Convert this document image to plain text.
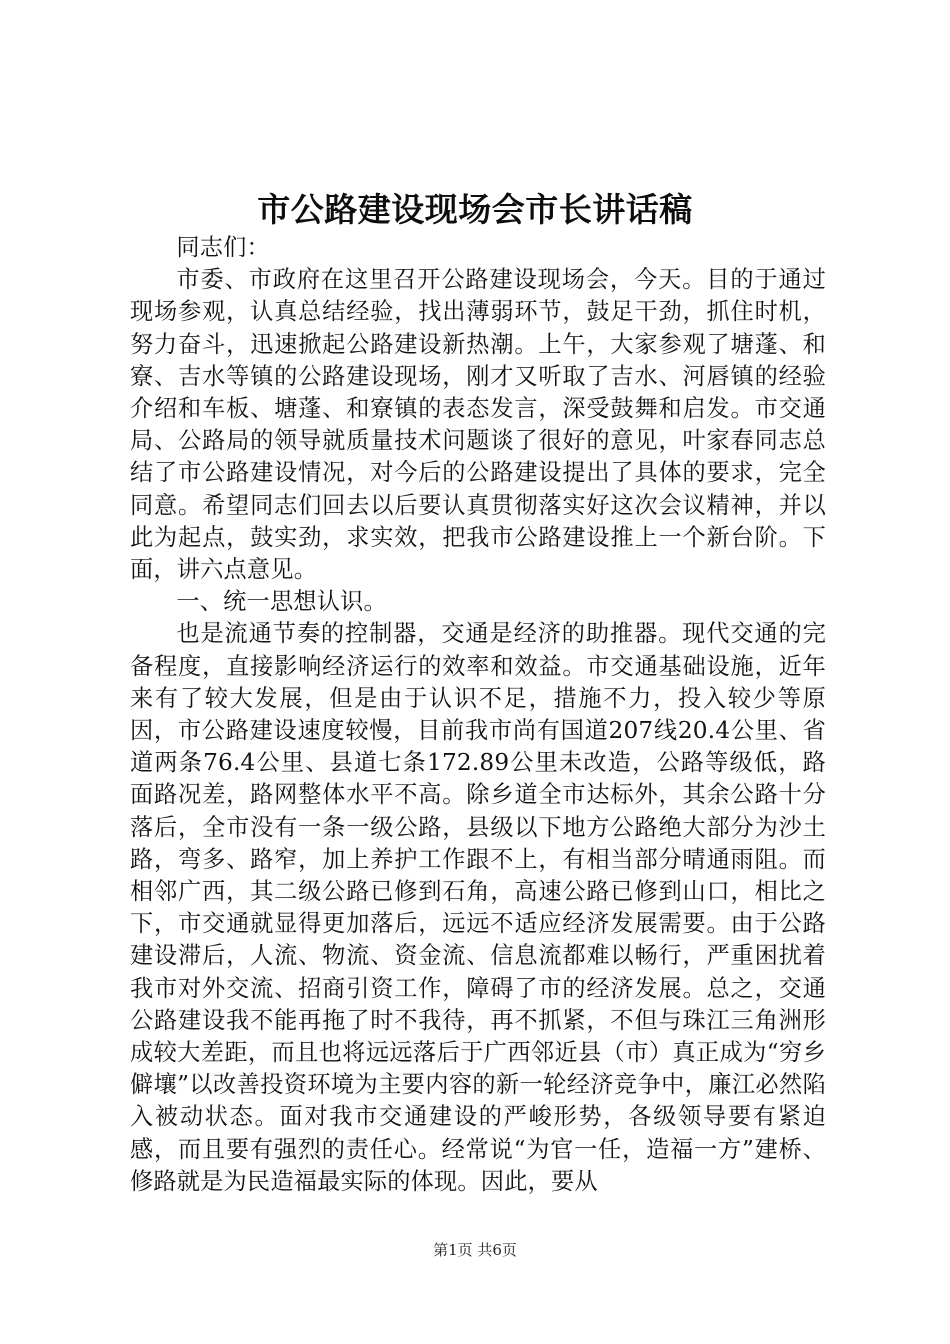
市公路建设现场会市长讲话稿

同志们：

市委、市政府在这里召开公路建设现场会，今天。目的于通过现场参观，认真总结经验，找出薄弱环节，鼓足干劲，抓住时机，努力奋斗，迅速掀起公路建设新热潮。上午，大家参观了塘蓬、和寮、吉水等镇的公路建设现场，刚才又听取了吉水、河唇镇的经验介绍和车板、塘蓬、和寮镇的表态发言，深受鼓舞和启发。市交通局、公路局的领导就质量技术问题谈了很好的意见，叶家春同志总结了市公路建设情况，对今后的公路建设提出了具体的要求，完全同意。希望同志们回去以后要认真贯彻落实好这次会议精神，并以此为起点，鼓实劲，求实效，把我市公路建设推上一个新台阶。下面，讲六点意见。

一、统一思想认识。

也是流通节奏的控制器，交通是经济的助推器。现代交通的完备程度，直接影响经济运行的效率和效益。市交通基础设施，近年来有了较大发展，但是由于认识不足，措施不力，投入较少等原因，市公路建设速度较慢，目前我市尚有国道207线20.4公里、省道两条76.4公里、县道七条172.89公里未改造，公路等级低，路面路况差，路网整体水平不高。除乡道全市达标外，其余公路十分落后，全市没有一条一级公路，县级以下地方公路绝大部分为沙土路，弯多、路窄，加上养护工作跟不上，有相当部分晴通雨阻。而相邻广西，其二级公路已修到石角，高速公路已修到山口，相比之下，市交通就显得更加落后，远远不适应经济发展需要。由于公路建设滞后，人流、物流、资金流、信息流都难以畅行，严重困扰着我市对外交流、招商引资工作，障碍了市的经济发展。总之，交通公路建设我不能再拖了时不我待，再不抓紧，不但与珠江三角洲形成较大差距，而且也将远远落后于广西邻近县（市）真正成为“穷乡僻壤”以改善投资环境为主要内容的新一轮经济竞争中，廉江必然陷入被动状态。面对我市交通建设的严峻形势，各级领导要有紧迫感，而且要有强烈的责任心。经常说“为官一任，造福一方”建桥、修路就是为民造福最实际的体现。因此，要从

第1页 共6页
